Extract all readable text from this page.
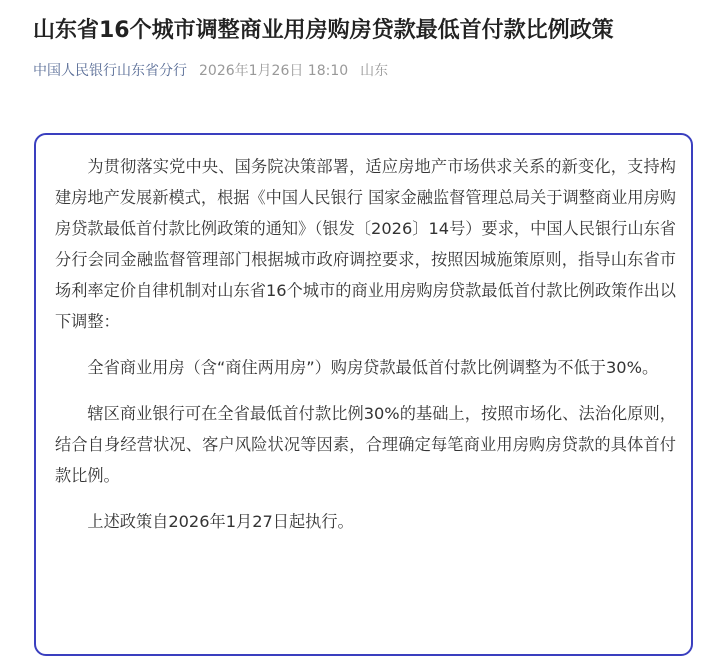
山东省16个城市调整商业用房购房贷款最低首付款比例政策
中国人民银行山东省分行 2026年1月26日 18:10 山东

为贯彻落实党中央、国务院决策部署，适应房地产市场供求关系的新变化，支持构建房地产发展新模式，根据《中国人民银行 国家金融监督管理总局关于调整商业用房购房贷款最低首付款比例政策的通知》（银发〔2026〕14号）要求，中国人民银行山东省分行会同金融监督管理部门根据城市政府调控要求，按照因城施策原则，指导山东省市场利率定价自律机制对山东省16个城市的商业用房购房贷款最低首付款比例政策作出以下调整：

全省商业用房（含“商住两用房”）购房贷款最低首付款比例调整为不低于30%。

辖区商业银行可在全省最低首付款比例30%的基础上，按照市场化、法治化原则，结合自身经营状况、客户风险状况等因素，合理确定每笔商业用房购房贷款的具体首付款比例。

上述政策自2026年1月27日起执行。
